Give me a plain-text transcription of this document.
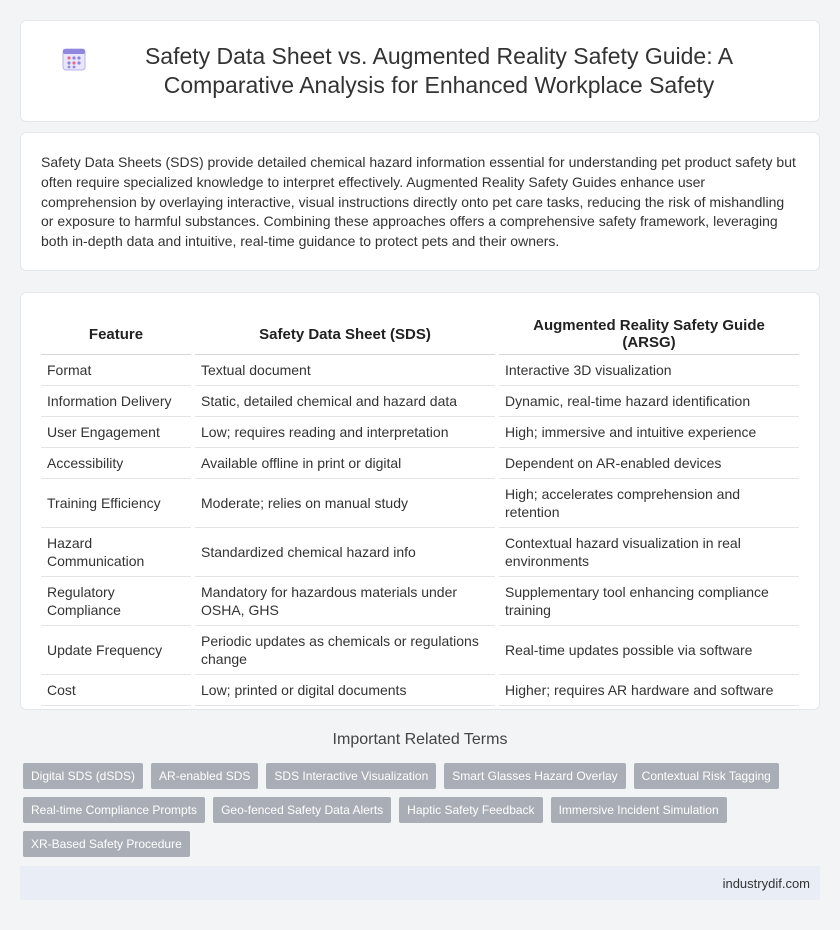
Safety Data Sheet vs. Augmented Reality Safety Guide: A Comparative Analysis for Enhanced Workplace Safety

Safety Data Sheets (SDS) provide detailed chemical hazard information essential for understanding pet product safety but often require specialized knowledge to interpret effectively. Augmented Reality Safety Guides enhance user comprehension by overlaying interactive, visual instructions directly onto pet care tasks, reducing the risk of mishandling or exposure to harmful substances. Combining these approaches offers a comprehensive safety framework, leveraging both in-depth data and intuitive, real-time guidance to protect pets and their owners.

Feature	Safety Data Sheet (SDS)	Augmented Reality Safety Guide (ARSG)
Format	Textual document	Interactive 3D visualization
Information Delivery	Static, detailed chemical and hazard data	Dynamic, real-time hazard identification
User Engagement	Low; requires reading and interpretation	High; immersive and intuitive experience
Accessibility	Available offline in print or digital	Dependent on AR-enabled devices
Training Efficiency	Moderate; relies on manual study	High; accelerates comprehension and retention
Hazard Communication	Standardized chemical hazard info	Contextual hazard visualization in real environments
Regulatory Compliance	Mandatory for hazardous materials under OSHA, GHS	Supplementary tool enhancing compliance training
Update Frequency	Periodic updates as chemicals or regulations change	Real-time updates possible via software
Cost	Low; printed or digital documents	Higher; requires AR hardware and software
Important Related Terms
Digital SDS (dSDS)	AR-enabled SDS	SDS Interactive Visualization	Smart Glasses Hazard Overlay	Contextual Risk Tagging
Real-time Compliance Prompts	Geo-fenced Safety Data Alerts	Haptic Safety Feedback	Immersive Incident Simulation
XR-Based Safety Procedure
industrydif.com
